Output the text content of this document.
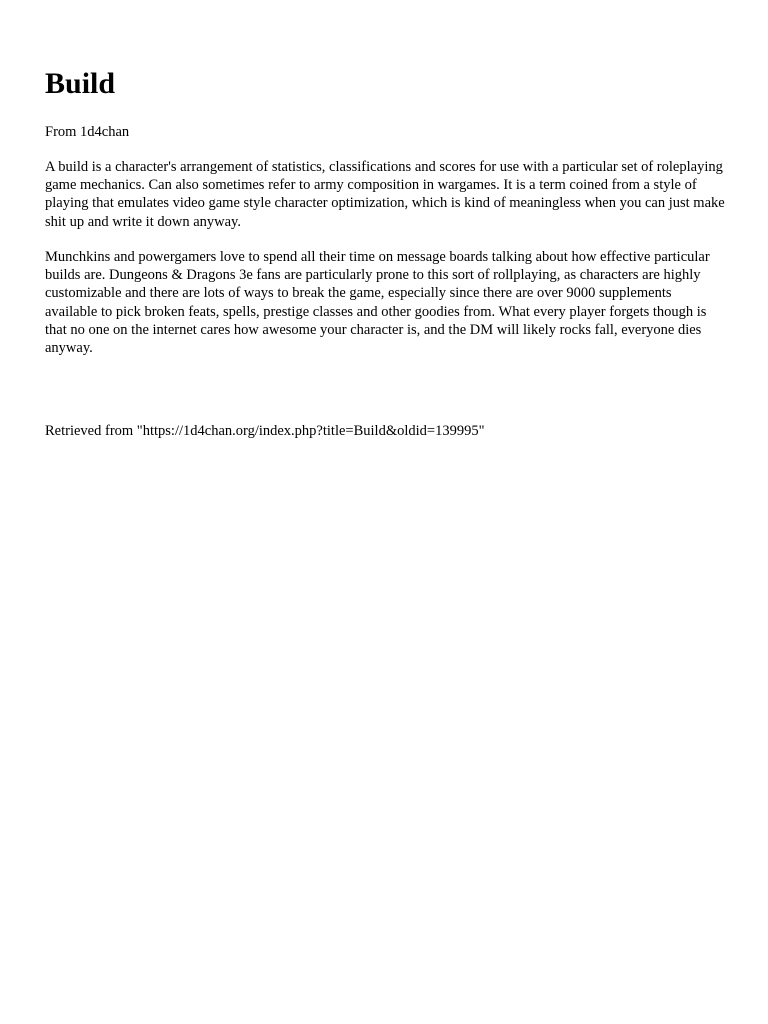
Build
From 1d4chan

A build is a character's arrangement of statistics, classifications and scores for use with a particular set of roleplaying game mechanics. Can also sometimes refer to army composition in wargames. It is a term coined from a style of playing that emulates video game style character optimization, which is kind of meaningless when you can just make shit up and write it down anyway.

Munchkins and powergamers love to spend all their time on message boards talking about how effective particular builds are. Dungeons & Dragons 3e fans are particularly prone to this sort of rollplaying, as characters are highly customizable and there are lots of ways to break the game, especially since there are over 9000 supplements available to pick broken feats, spells, prestige classes and other goodies from. What every player forgets though is that no one on the internet cares how awesome your character is, and the DM will likely rocks fall, everyone dies anyway.

Retrieved from "https://1d4chan.org/index.php?title=Build&oldid=139995"
